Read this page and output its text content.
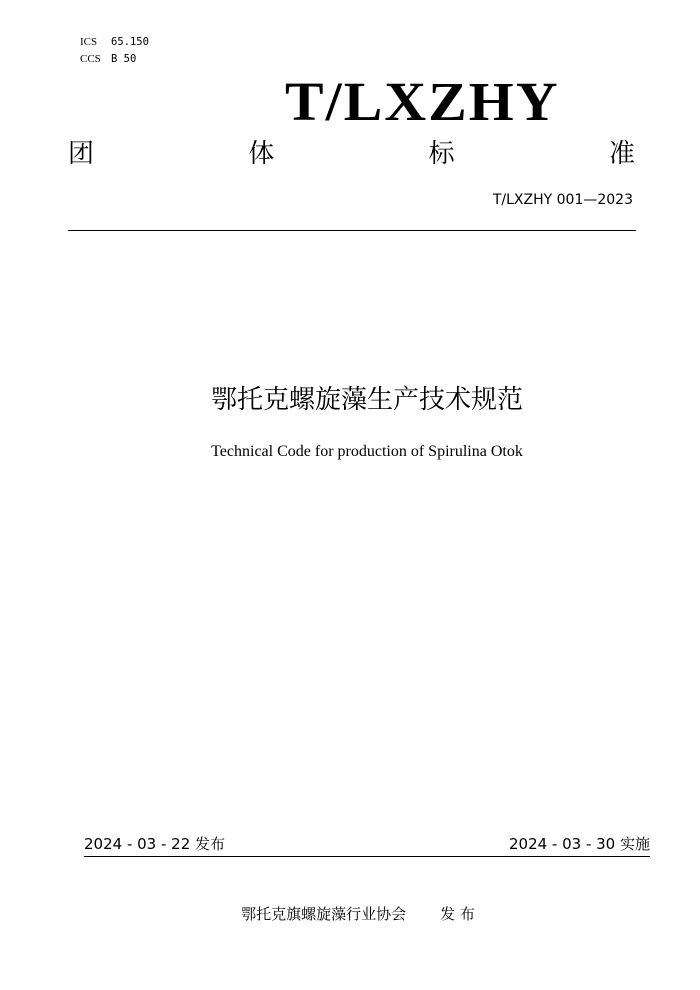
ICS	65.150
CCS B 50
T/LXZHY
团	体	标	准
T/LXZHY 001—2023
鄂托克螺旋藻生产技术规范
Technical Code for production of Spirulina Otok
2024 - 03 - 22 发布	2024 - 03 - 30 实施
鄂托克旗螺旋藻行业协会 发 布
